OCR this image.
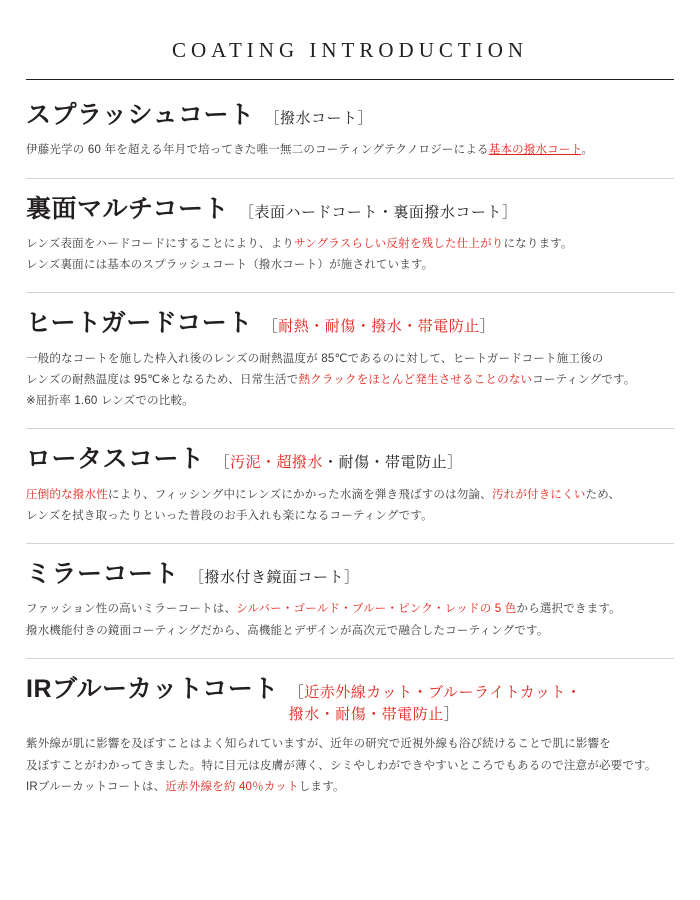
COATING INTRODUCTION
スプラッシュコート ［撥水コート］
伊藤光学の 60 年を超える年月で培ってきた唯一無二のコーティングテクノロジーによる基本の撥水コート。
裏面マルチコート ［表面ハードコート・裏面撥水コート］
レンズ表面をハードコードにすることにより、よりサングラスらしい反射を残した仕上がりになります。
レンズ裏面には基本のスプラッシュコート（撥水コート）が施されています。
ヒートガードコート ［耐熱・耐傷・撥水・帯電防止］
一般的なコートを施した枠入れ後のレンズの耐熱温度が 85℃であるのに対して、ヒートガードコート施工後の
レンズの耐熱温度は 95℃※となるため、日常生活で熱クラックをほとんど発生させることのないコーティングです。
※屈折率 1.60 レンズでの比較。
ロータスコート ［汚泥・超撥水・耐傷・帯電防止］
圧倒的な撥水性により、フィッシング中にレンズにかかった水滴を弾き飛ばすのは勿論、汚れが付きにくいため、
レンズを拭き取ったりといった普段のお手入れも楽になるコーティングです。
ミラーコート ［撥水付き鏡面コート］
ファッション性の高いミラーコートは、シルバー・ゴールド・ブルー・ピンク・レッドの 5 色から選択できます。
撥水機能付きの鏡面コーティングだから、高機能とデザインが高次元で融合したコーティングです。
IRブルーカットコート ［近赤外線カット・ブルーライトカット・
撥水・耐傷・帯電防止］
紫外線が肌に影響を及ぼすことはよく知られていますが、近年の研究で近視外線も浴び続けることで肌に影響を
及ぼすことがわかってきました。特に目元は皮膚が薄く、シミやしわができやすいところでもあるので注意が必要です。
IRブルーカットコートは、近赤外線を約 40％カットします。
